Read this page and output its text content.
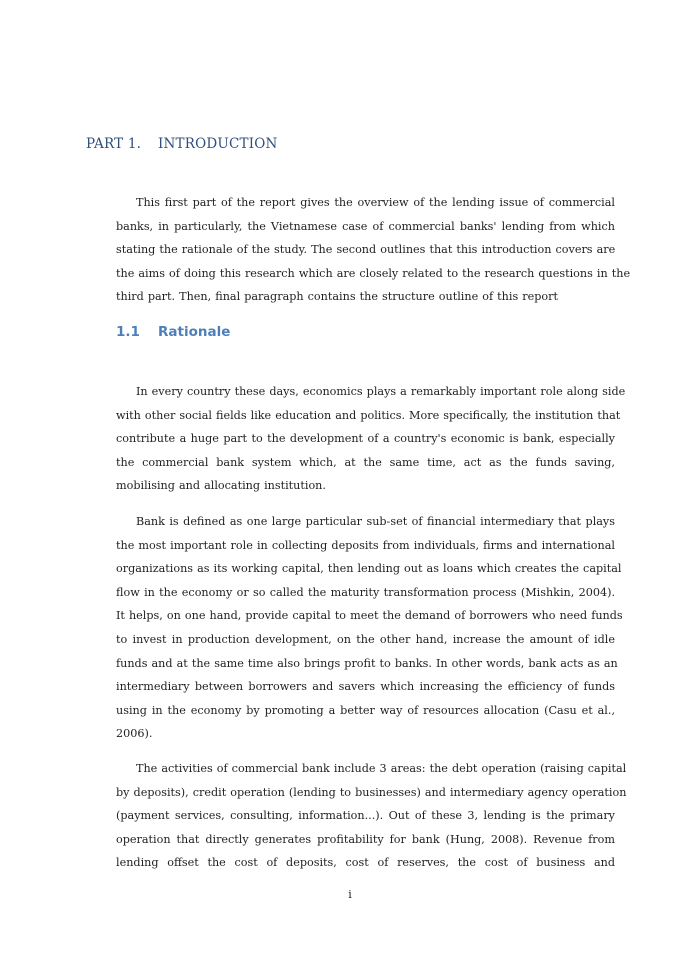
PART 1. INTRODUCTION
This first part of the report gives the overview of the lending issue of commercial
banks, in particularly, the Vietnamese case of commercial banks' lending from which
stating the rationale of the study. The second outlines that this introduction covers are
the aims of doing this research which are closely related to the research questions in the
third part. Then, final paragraph contains the structure outline of this report
1.1 Rationale
In every country these days, economics plays a remarkably important role along side
with other social fields like education and politics. More specifically, the institution that
contribute a huge part to the development of a country's economic is bank, especially
the commercial bank system which, at the same time, act as the funds saving,
mobilising and allocating institution.
Bank is defined as one large particular sub-set of financial intermediary that plays
the most important role in collecting deposits from individuals, firms and international
organizations as its working capital, then lending out as loans which creates the capital
flow in the economy or so called the maturity transformation process (Mishkin, 2004).
It helps, on one hand, provide capital to meet the demand of borrowers who need funds
to invest in production development, on the other hand, increase the amount of idle
funds and at the same time also brings profit to banks. In other words, bank acts as an
intermediary between borrowers and savers which increasing the efficiency of funds
using in the economy by promoting a better way of resources allocation (Casu et al.,
2006).
The activities of commercial bank include 3 areas: the debt operation (raising capital
by deposits), credit operation (lending to businesses) and intermediary agency operation
(payment services, consulting, information...). Out of these 3, lending is the primary
operation that directly generates profitability for bank (Hung, 2008). Revenue from
lending offset the cost of deposits, cost of reserves, the cost of business and
i
